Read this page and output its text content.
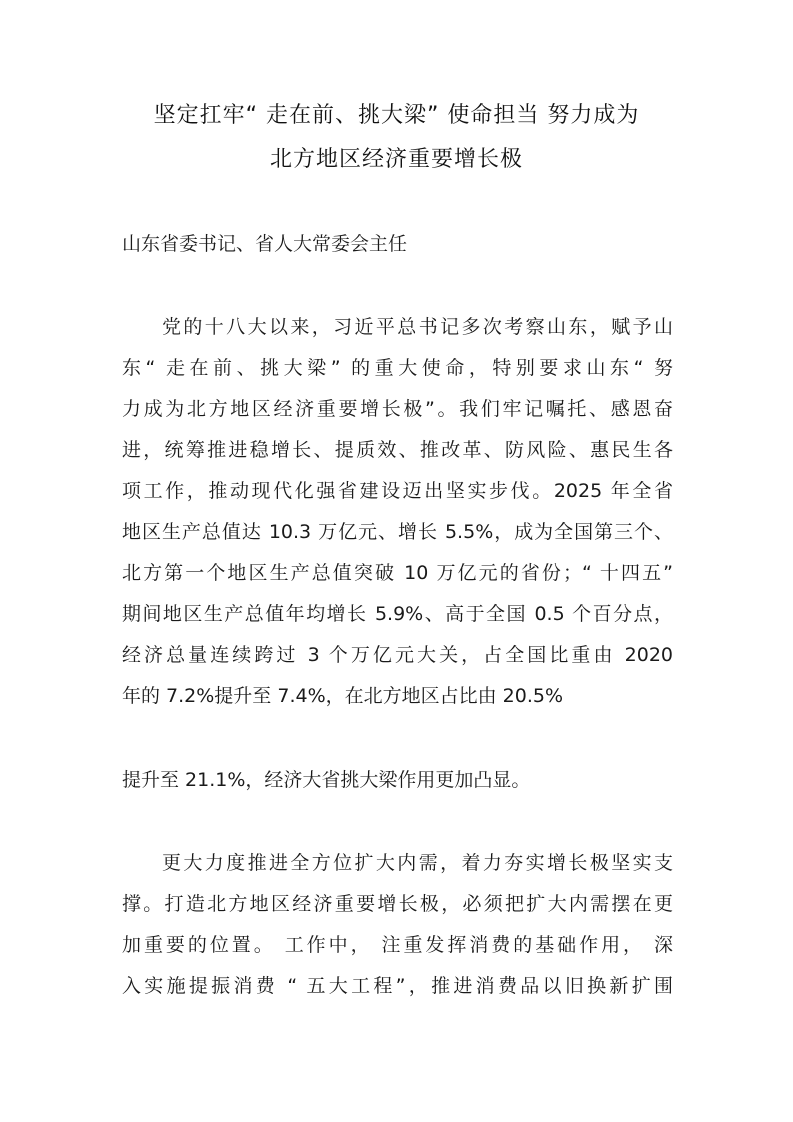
坚定扛牢“ 走在前、挑大梁” 使命担当 努力成为
北方地区经济重要增长极
山东省委书记、省人大常委会主任
党的十八大以来，习近平总书记多次考察山东，赋予山
东“ 走在前、挑大梁” 的重大使命，特别要求山东“ 努
力成为北方地区经济重要增长极”。我们牢记嘱托、感恩奋
进，统筹推进稳增长、提质效、推改革、防风险、惠民生各
项工作，推动现代化强省建设迈出坚实步伐。2025 年全省
地区生产总值达 10.3 万亿元、增长 5.5%，成为全国第三个、
北方第一个地区生产总值突破 10 万亿元的省份；“ 十四五”
期间地区生产总值年均增长 5.9%、高于全国 0.5 个百分点，
经济总量连续跨过 3 个万亿元大关，占全国比重由 2020
年的 7.2%提升至 7.4%，在北方地区占比由 20.5%
提升至 21.1%，经济大省挑大梁作用更加凸显。
更大力度推进全方位扩大内需，着力夯实增长极坚实支
撑。打造北方地区经济重要增长极，必须把扩大内需摆在更
加重要的位置。 工作中， 注重发挥消费的基础作用， 深
入实施提振消费 “ 五大工程”，推进消费品以旧换新扩围
